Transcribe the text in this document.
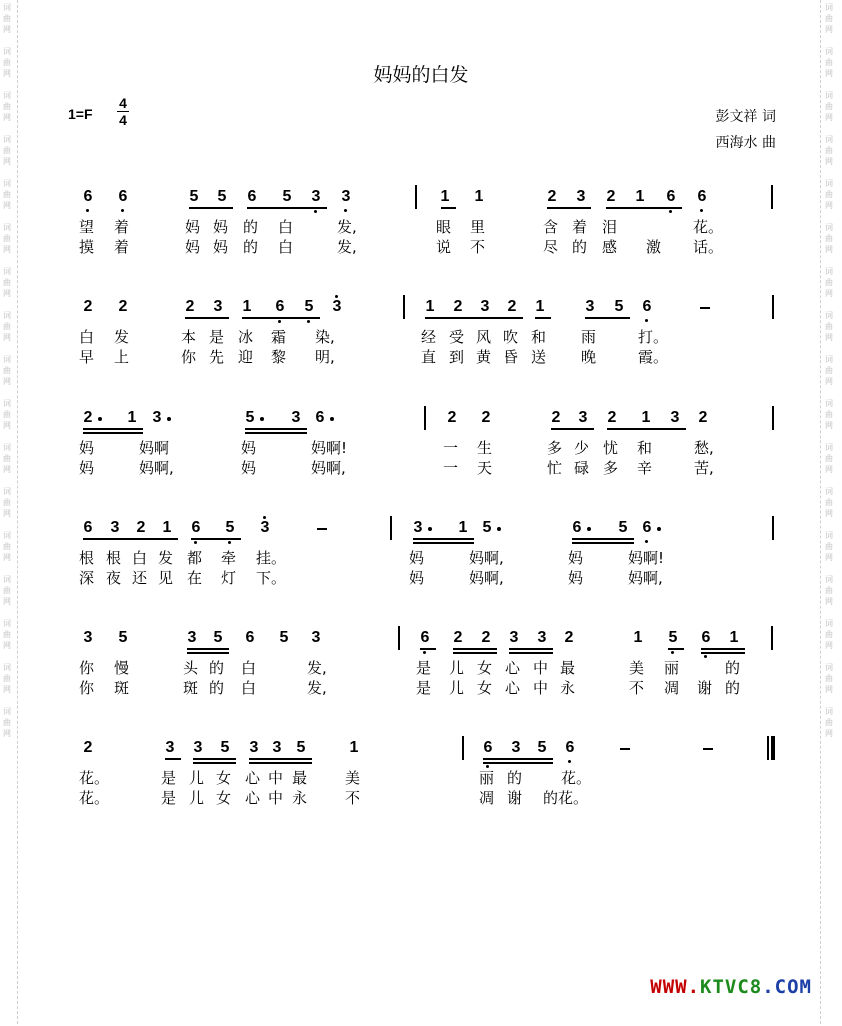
词
曲
网

词
曲
网

词
曲
网

词
曲
网

词
曲
网

词
曲
网

词
曲
网

词
曲
网

词
曲
网

词
曲
网

词
曲
网

词
曲
网

词
曲
网

词
曲
网

词
曲
网

词
曲
网

词
曲
网
词
曲
网

词
曲
网

词
曲
网

词
曲
网

词
曲
网

词
曲
网

词
曲
网

词
曲
网

词
曲
网

词
曲
网

词
曲
网

词
曲
网

词
曲
网

词
曲
网

词
曲
网

词
曲
网

词
曲
网
妈妈的白发
1=F
4
4	彭文祥 词
西海水 曲
6 6	5 5 6 5 3 3	1 1	2 3 2 1 6 6
望 着	妈 妈 的 白	发,	眼 里	含 着 泪	花。
摸 着	妈 妈 的 白	发,	说 不	尽 的 感 激 话。
2 2	2 3 1 6 5 3	1 2 3 2 1	3 5 6
白 发	本 是 冰 霜 染,	经 受 风 吹 和 雨	打。
早 上	你 先 迎 黎 明,	直 到 黄 昏 送 晚	霞。
2 1 3	5 3 6	2 2	2 3 2 1 3 2
妈	妈啊	妈	妈啊!	一 生	多 少 忧 和	愁,
妈	妈啊,	妈	妈啊,	一 天	忙 碌 多 辛	苦,
6 3 2 1 6 5 3	3 1 5	6 5 6
根 根 白 发 都 牵 挂。	妈	妈啊,	妈	妈啊!
深 夜 还 见 在 灯 下。	妈	妈啊,	妈	妈啊,
3 5	3 5 6 5 3	6 2 2 3 3 2	1 5 6 1
你 慢	头 的 白	发,	是 儿 女 心 中 最	美 丽	的
你 斑	斑 的 白	发,	是 儿 女 心 中 永	不 凋 谢 的
2	3 3 5 3 3 5	1	6 3 5 6
花。	是 儿 女 心 中 最	美	丽 的	花。
花。	是 儿 女 心 中 永	不	凋 谢 的花。
WWW.KTVC8.COM
